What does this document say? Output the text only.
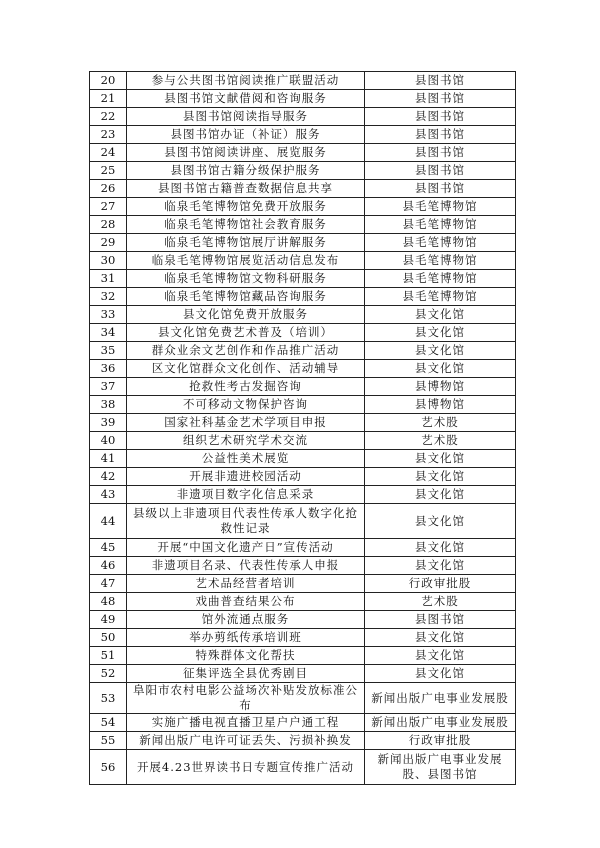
20	参与公共图书馆阅读推广联盟活动	县图书馆
21	县图书馆文献借阅和咨询服务	县图书馆
22	县图书馆阅读指导服务	县图书馆
23	县图书馆办证（补证）服务	县图书馆
24	县图书馆阅读讲座、展览服务	县图书馆
25	县图书馆古籍分级保护服务	县图书馆
26	县图书馆古籍普查数据信息共享	县图书馆
27	临泉毛笔博物馆免费开放服务	县毛笔博物馆
28	临泉毛笔博物馆社会教育服务	县毛笔博物馆
29	临泉毛笔博物馆展厅讲解服务	县毛笔博物馆
30	临泉毛笔博物馆展览活动信息发布	县毛笔博物馆
31	临泉毛笔博物馆文物科研服务	县毛笔博物馆
32	临泉毛笔博物馆藏品咨询服务	县毛笔博物馆
33	县文化馆免费开放服务	县文化馆
34	县文化馆免费艺术普及（培训）	县文化馆
35	群众业余文艺创作和作品推广活动	县文化馆
36	区文化馆群众文化创作、活动辅导	县文化馆
37	抢救性考古发掘咨询	县博物馆
38	不可移动文物保护咨询	县博物馆
39	国家社科基金艺术学项目申报	艺术股
40	组织艺术研究学术交流	艺术股
41	公益性美术展览	县文化馆
42	开展非遗进校园活动	县文化馆
43	非遗项目数字化信息采录	县文化馆
44	县级以上非遗项目代表性传承人数字化抢救性记录	县文化馆
45	开展“中国文化遗产日”宣传活动	县文化馆
46	非遗项目名录、代表性传承人申报	县文化馆
47	艺术品经营者培训	行政审批股
48	戏曲普查结果公布	艺术股
49	馆外流通点服务	县图书馆
50	举办剪纸传承培训班	县文化馆
51	特殊群体文化帮扶	县文化馆
52	征集评选全县优秀剧目	县文化馆
53	阜阳市农村电影公益场次补贴发放标准公布	新闻出版广电事业发展股
54	实施广播电视直播卫星户户通工程	新闻出版广电事业发展股
55	新闻出版广电许可证丢失、污损补换发	行政审批股
56	开展4.23世界读书日专题宣传推广活动	新闻出版广电事业发展股、县图书馆
